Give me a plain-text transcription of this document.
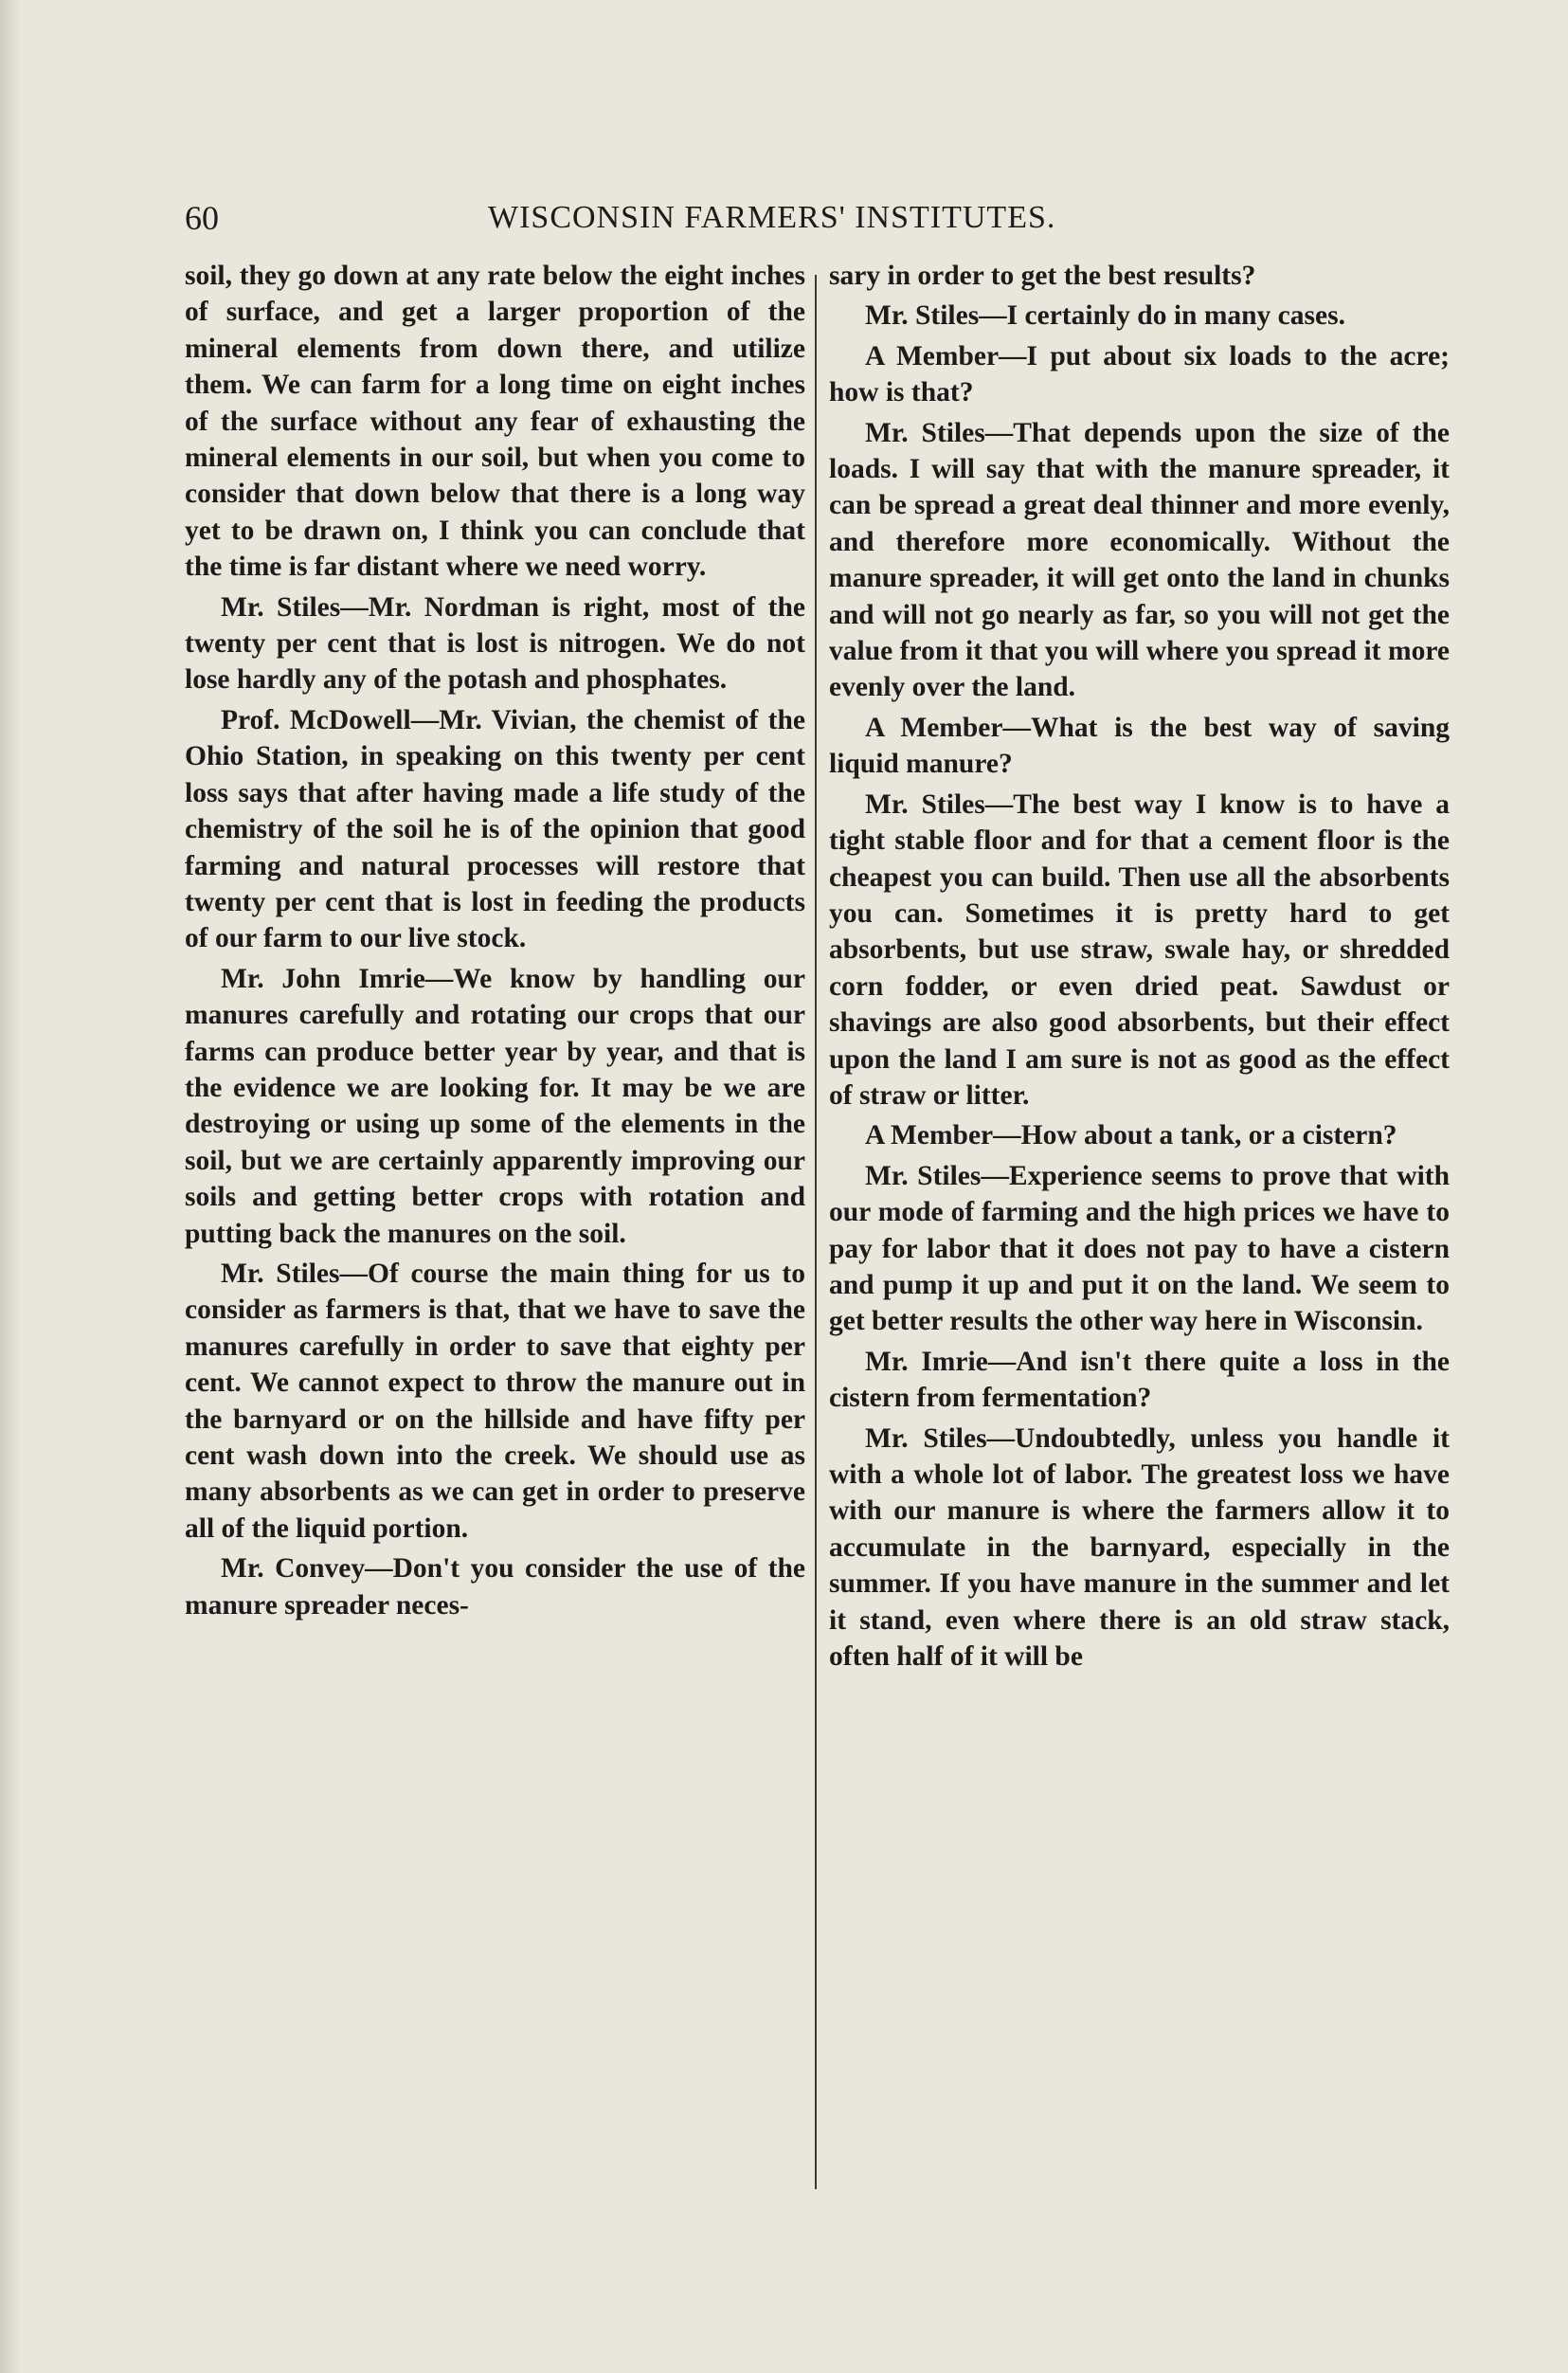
60	WISCONSIN FARMERS' INSTITUTES.

soil, they go down at any rate below the eight inches of surface, and get a larger proportion of the mineral elements from down there, and utilize them. We can farm for a long time on eight inches of the surface without any fear of exhausting the mineral elements in our soil, but when you come to consider that down below that there is a long way yet to be drawn on, I think you can conclude that the time is far distant where we need worry.

Mr. Stiles—Mr. Nordman is right, most of the twenty per cent that is lost is nitrogen. We do not lose hardly any of the potash and phosphates.

Prof. McDowell—Mr. Vivian, the chemist of the Ohio Station, in speaking on this twenty per cent loss says that after having made a life study of the chemistry of the soil he is of the opinion that good farming and natural processes will restore that twenty per cent that is lost in feeding the products of our farm to our live stock.

Mr. John Imrie—We know by handling our manures carefully and rotating our crops that our farms can produce better year by year, and that is the evidence we are looking for. It may be we are destroying or using up some of the elements in the soil, but we are certainly apparently improving our soils and getting better crops with rotation and putting back the manures on the soil.

Mr. Stiles—Of course the main thing for us to consider as farmers is that, that we have to save the manures carefully in order to save that eighty per cent. We cannot expect to throw the manure out in the barnyard or on the hillside and have fifty per cent wash down into the creek. We should use as many absorbents as we can get in order to preserve all of the liquid portion.

Mr. Convey—Don't you consider the use of the manure spreader neces-

sary in order to get the best results?

Mr. Stiles—I certainly do in many cases.

A Member—I put about six loads to the acre; how is that?

Mr. Stiles—That depends upon the size of the loads. I will say that with the manure spreader, it can be spread a great deal thinner and more evenly, and therefore more economically. Without the manure spreader, it will get onto the land in chunks and will not go nearly as far, so you will not get the value from it that you will where you spread it more evenly over the land.

A Member—What is the best way of saving liquid manure?

Mr. Stiles—The best way I know is to have a tight stable floor and for that a cement floor is the cheapest you can build. Then use all the absorbents you can. Sometimes it is pretty hard to get absorbents, but use straw, swale hay, or shredded corn fodder, or even dried peat. Sawdust or shavings are also good absorbents, but their effect upon the land I am sure is not as good as the effect of straw or litter.

A Member—How about a tank, or a cistern?

Mr. Stiles—Experience seems to prove that with our mode of farming and the high prices we have to pay for labor that it does not pay to have a cistern and pump it up and put it on the land. We seem to get better results the other way here in Wisconsin.

Mr. Imrie—And isn't there quite a loss in the cistern from fermentation?

Mr. Stiles—Undoubtedly, unless you handle it with a whole lot of labor. The greatest loss we have with our manure is where the farmers allow it to accumulate in the barnyard, especially in the summer. If you have manure in the summer and let it stand, even where there is an old straw stack, often half of it will be
